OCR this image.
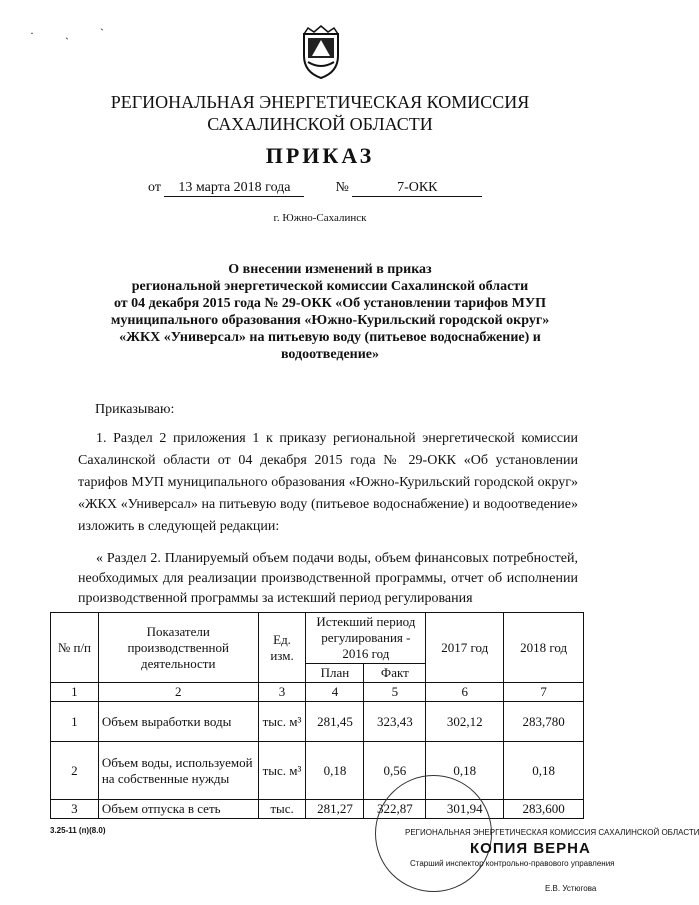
· ˎ ˋ
РЕГИОНАЛЬНАЯ ЭНЕРГЕТИЧЕСКАЯ КОМИССИЯ
САХАЛИНСКОЙ ОБЛАСТИ
ПРИКАЗ
от 13 марта 2018 года	№	7-ОКК
г. Южно-Сахалинск
О внесении изменений в приказ
региональной энергетической комиссии Сахалинской области
от 04 декабря 2015 года № 29-ОКК «Об установлении тарифов МУП
муниципального образования «Южно-Курильский городской округ»
«ЖКХ «Универсал» на питьевую воду (питьевое водоснабжение) и
водоотведение»
Приказываю:
1. Раздел 2 приложения 1 к приказу региональной энергетической комиссии Сахалинской области от 04 декабря 2015 года № 29-ОКК «Об установлении тарифов МУП муниципального образования «Южно-Курильский городской округ» «ЖКХ «Универсал» на питьевую воду (питьевое водоснабжение) и водоотведение» изложить в следующей редакции:
« Раздел 2. Планируемый объем подачи воды, объем финансовых потребностей, необходимых для реализации производственной программы, отчет об исполнении производственной программы за истекший период регулирования
№ п/п	Показатели производственной деятельности	Ед. изм.	Истекший период регулирования - 2016 год		2017 год	2018 год
			План	Факт		
1	2	3	4	5	6	7
1	Объем выработки воды	тыс. м³	281,45	323,43	302,12	283,780
2	Объем воды, используемой на собственные нужды	тыс. м³	0,18	0,56	0,18	0,18
3	Объем отпуска в сеть	тыс.	281,27	322,87	301,94	283,600
3.25-11 (п)(8.0)	РЕГИОНАЛЬНАЯ ЭНЕРГЕТИЧЕСКАЯ КОМИССИЯ САХАЛИНСКОЙ ОБЛАСТИ
КОПИЯ ВЕРНА
Старший инспектор контрольно-правового управления
Е.В. Устюгова
